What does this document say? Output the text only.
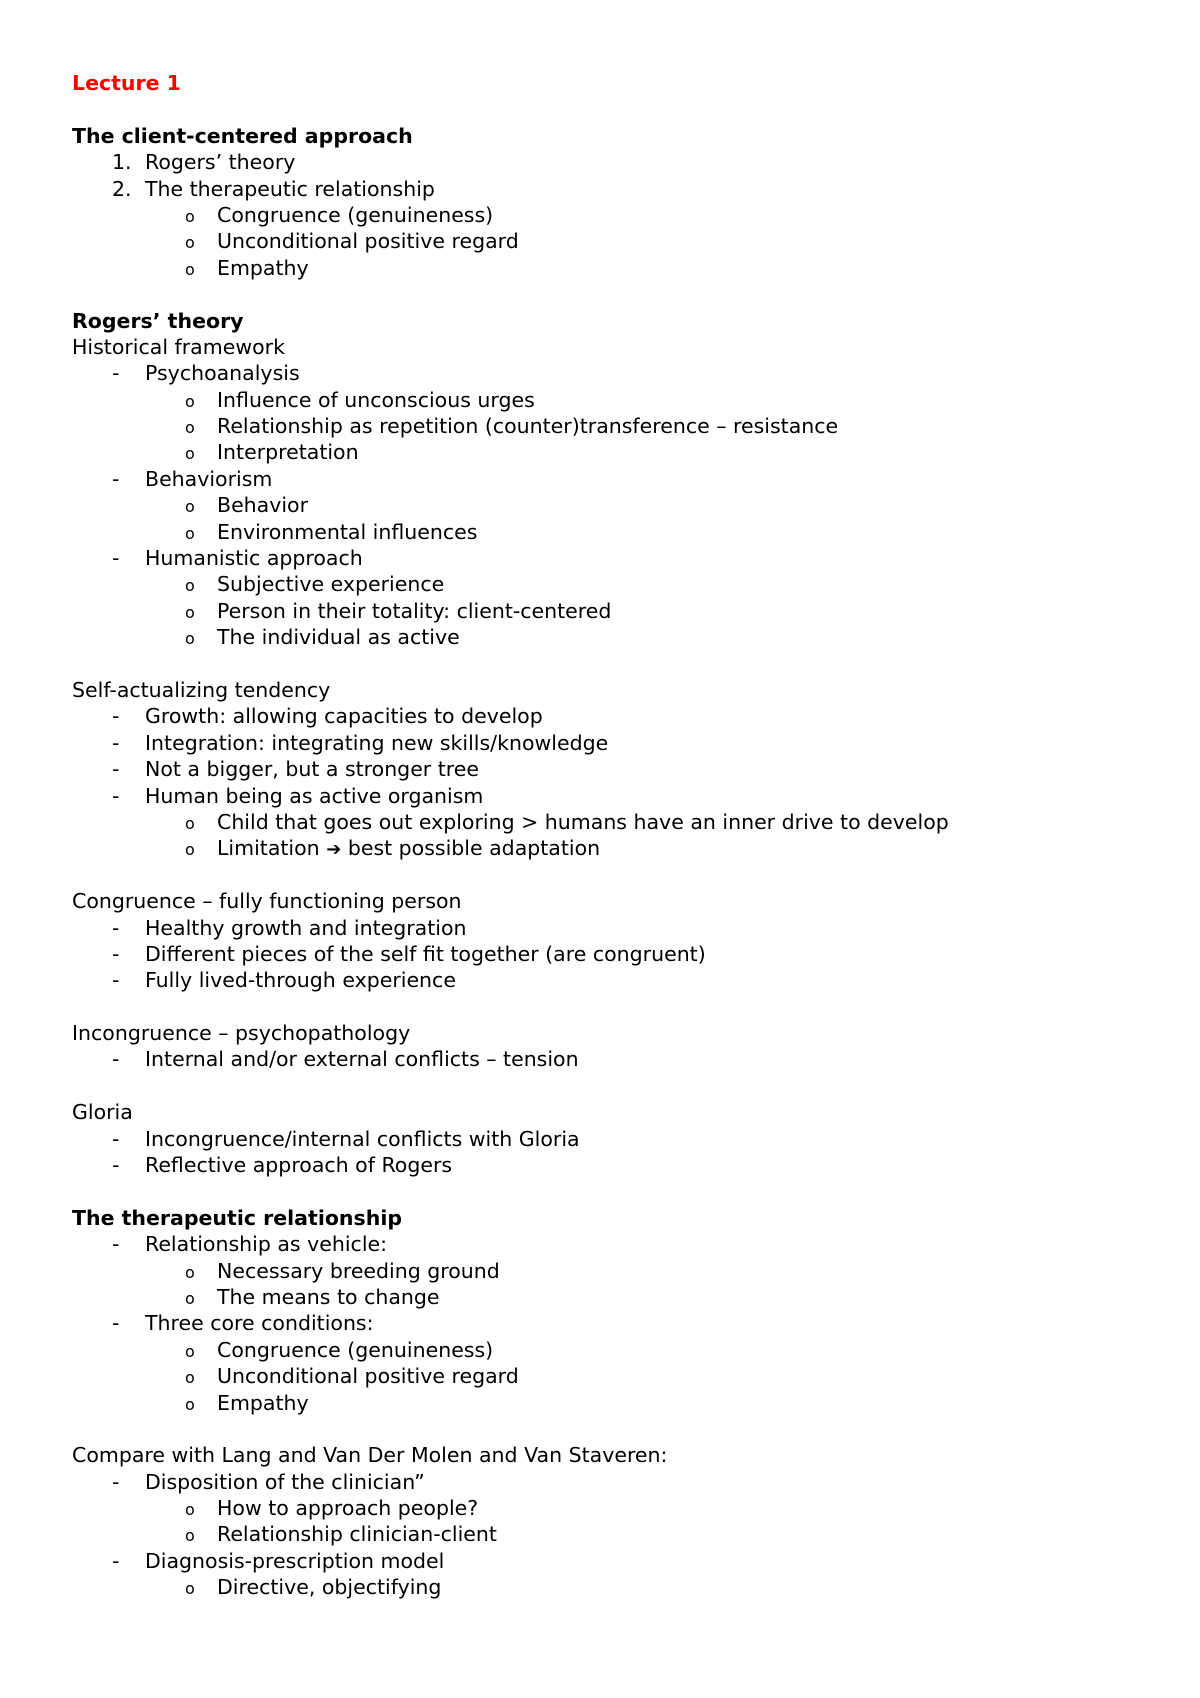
Lecture 1
The client-centered approach
1. Rogers’ theory
2. The therapeutic relationship
o	Congruence (genuineness)
o	Unconditional positive regard
o	Empathy
Rogers’ theory
Historical framework
-	Psychoanalysis
o	Influence of unconscious urges
o	Relationship as repetition (counter)transference – resistance
o	Interpretation
-	Behaviorism
o	Behavior
o	Environmental influences
-	Humanistic approach
o	Subjective experience
o	Person in their totality: client-centered
o	The individual as active
Self-actualizing tendency
-	Growth: allowing capacities to develop
-	Integration: integrating new skills/knowledge
-	Not a bigger, but a stronger tree
-	Human being as active organism
o	Child that goes out exploring > humans have an inner drive to develop
o	Limitation
➔
best possible adaptation
Congruence – fully functioning person
-	Healthy growth and integration
-	Different pieces of the self fit together (are congruent)
-	Fully lived-through experience
Incongruence – psychopathology
-	Internal and/or external conflicts – tension
Gloria
-	Incongruence/internal conflicts with Gloria
-	Reflective approach of Rogers
The therapeutic relationship
-	Relationship as vehicle:
o	Necessary breeding ground
o	The means to change
-	Three core conditions:
o	Congruence (genuineness)
o	Unconditional positive regard
o	Empathy
Compare with Lang and Van Der Molen and Van Staveren:
-	Disposition of the clinician”
o	How to approach people?
o	Relationship clinician-client
-	Diagnosis-prescription model
o	Directive, objectifying
